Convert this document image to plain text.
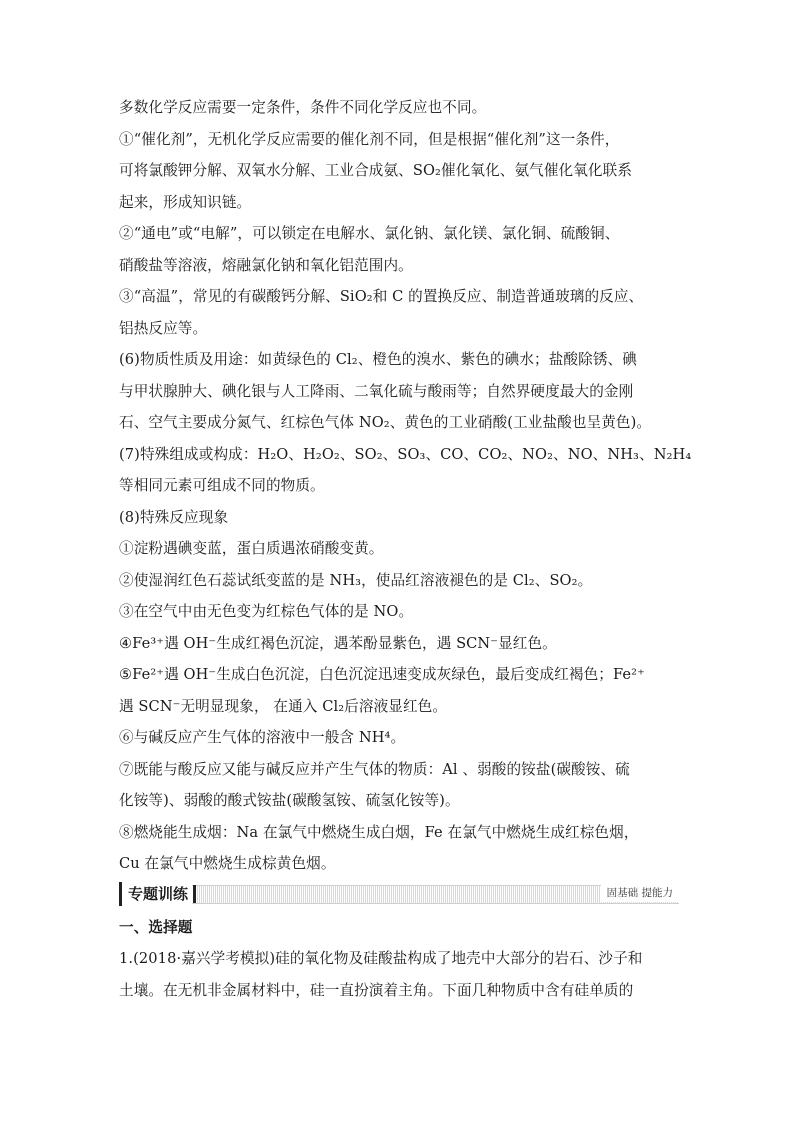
多数化学反应需要一定条件，条件不同化学反应也不同。
①“催化剂”，无机化学反应需要的催化剂不同，但是根据“催化剂”这一条件，
可将氯酸钾分解、双氧水分解、工业合成氨、SO₂催化氧化、氨气催化氧化联系
起来，形成知识链。
②“通电”或“电解”，可以锁定在电解水、氯化钠、氯化镁、氯化铜、硫酸铜、
硝酸盐等溶液，熔融氯化钠和氧化铝范围内。
③“高温”，常见的有碳酸钙分解、SiO₂和 C 的置换反应、制造普通玻璃的反应、
铝热反应等。
(6)物质性质及用途：如黄绿色的 Cl₂、橙色的溴水、紫色的碘水；盐酸除锈、碘
与甲状腺肿大、碘化银与人工降雨、二氧化硫与酸雨等；自然界硬度最大的金刚
石、空气主要成分氮气、红棕色气体 NO₂、黄色的工业硝酸(工业盐酸也呈黄色)。
(7)特殊组成或构成：H₂O、H₂O₂、SO₂、SO₃、CO、CO₂、NO₂、NO、NH₃、N₂H₄
等相同元素可组成不同的物质。
(8)特殊反应现象
①淀粉遇碘变蓝，蛋白质遇浓硝酸变黄。
②使湿润红色石蕊试纸变蓝的是 NH₃，使品红溶液褪色的是 Cl₂、SO₂。
③在空气中由无色变为红棕色气体的是 NO。
④Fe³⁺遇 OH⁻生成红褐色沉淀，遇苯酚显紫色，遇 SCN⁻显红色。
⑤Fe²⁺遇 OH⁻生成白色沉淀，白色沉淀迅速变成灰绿色，最后变成红褐色；Fe²⁺
遇 SCN⁻无明显现象， 在通入 Cl₂后溶液显红色。
⑥与碱反应产生气体的溶液中一般含 NH⁴。
⑦既能与酸反应又能与碱反应并产生气体的物质：Al 、弱酸的铵盐(碳酸铵、硫
化铵等)、弱酸的酸式铵盐(碳酸氢铵、硫氢化铵等)。
⑧燃烧能生成烟：Na 在氯气中燃烧生成白烟，Fe 在氯气中燃烧生成红棕色烟，
Cu 在氯气中燃烧生成棕黄色烟。
专题训练	固基础 提能力
一、选择题
1.(2018·嘉兴学考模拟)硅的氧化物及硅酸盐构成了地壳中大部分的岩石、沙子和
土壤。在无机非金属材料中，硅一直扮演着主角。下面几种物质中含有硅单质的
